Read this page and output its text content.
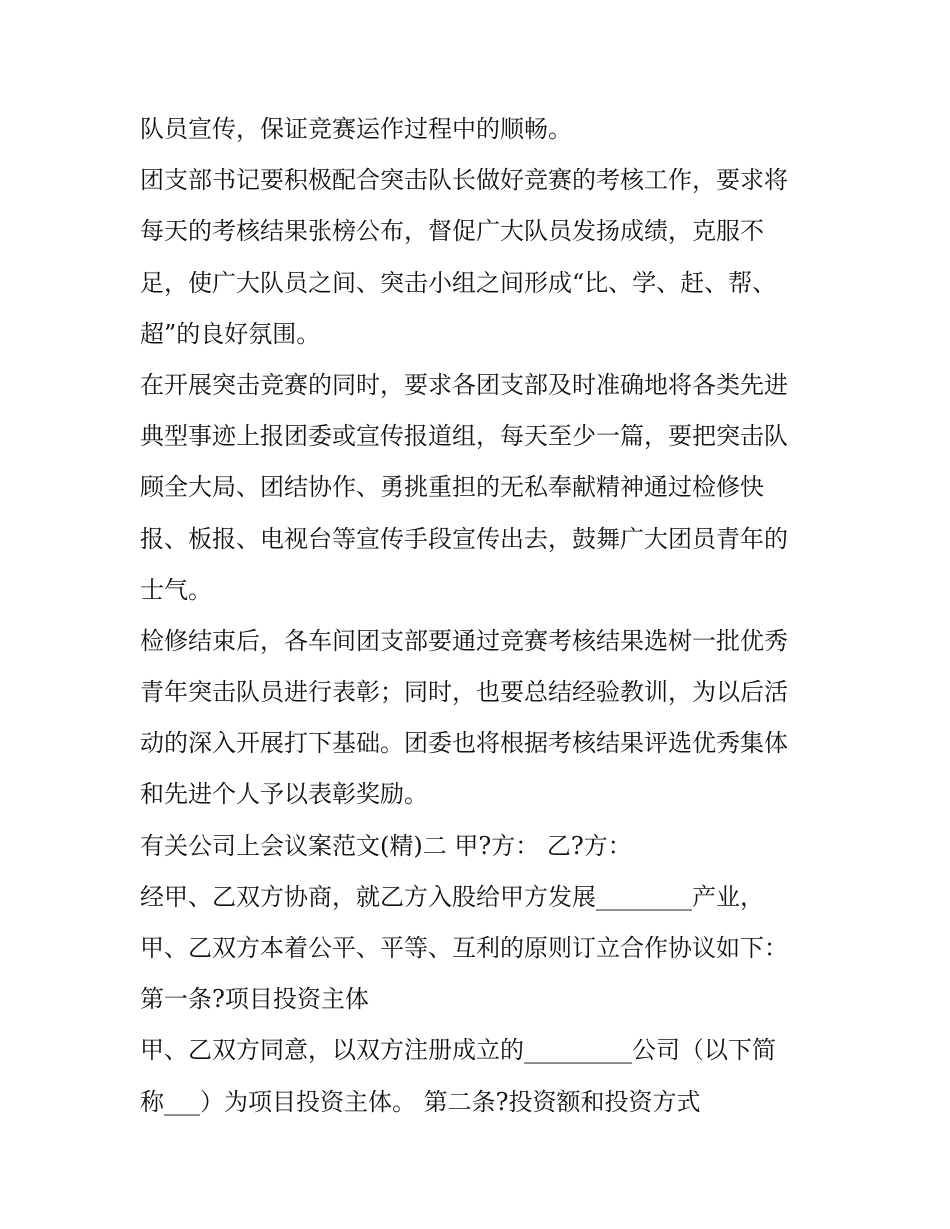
队员宣传，保证竞赛运作过程中的顺畅。
团支部书记要积极配合突击队长做好竞赛的考核工作，要求将
每天的考核结果张榜公布，督促广大队员发扬成绩，克服不
足，使广大队员之间、突击小组之间形成“比、学、赶、帮、
超”的良好氛围。
在开展突击竞赛的同时，要求各团支部及时准确地将各类先进
典型事迹上报团委或宣传报道组，每天至少一篇，要把突击队
顾全大局、团结协作、勇挑重担的无私奉献精神通过检修快
报、板报、电视台等宣传手段宣传出去，鼓舞广大团员青年的
士气。
检修结束后，各车间团支部要通过竞赛考核结果选树一批优秀
青年突击队员进行表彰；同时，也要总结经验教训，为以后活
动的深入开展打下基础。团委也将根据考核结果评选优秀集体
和先进个人予以表彰奖励。
有关公司上会议案范文(精)二 甲?方： 乙?方：
经甲、乙双方协商，就乙方入股给甲方发展________产业，
甲、乙双方本着公平、平等、互利的原则订立合作协议如下：
第一条?项目投资主体
甲、乙双方同意，以双方注册成立的_________公司（以下简
称___）为项目投资主体。 第二条?投资额和投资方式
